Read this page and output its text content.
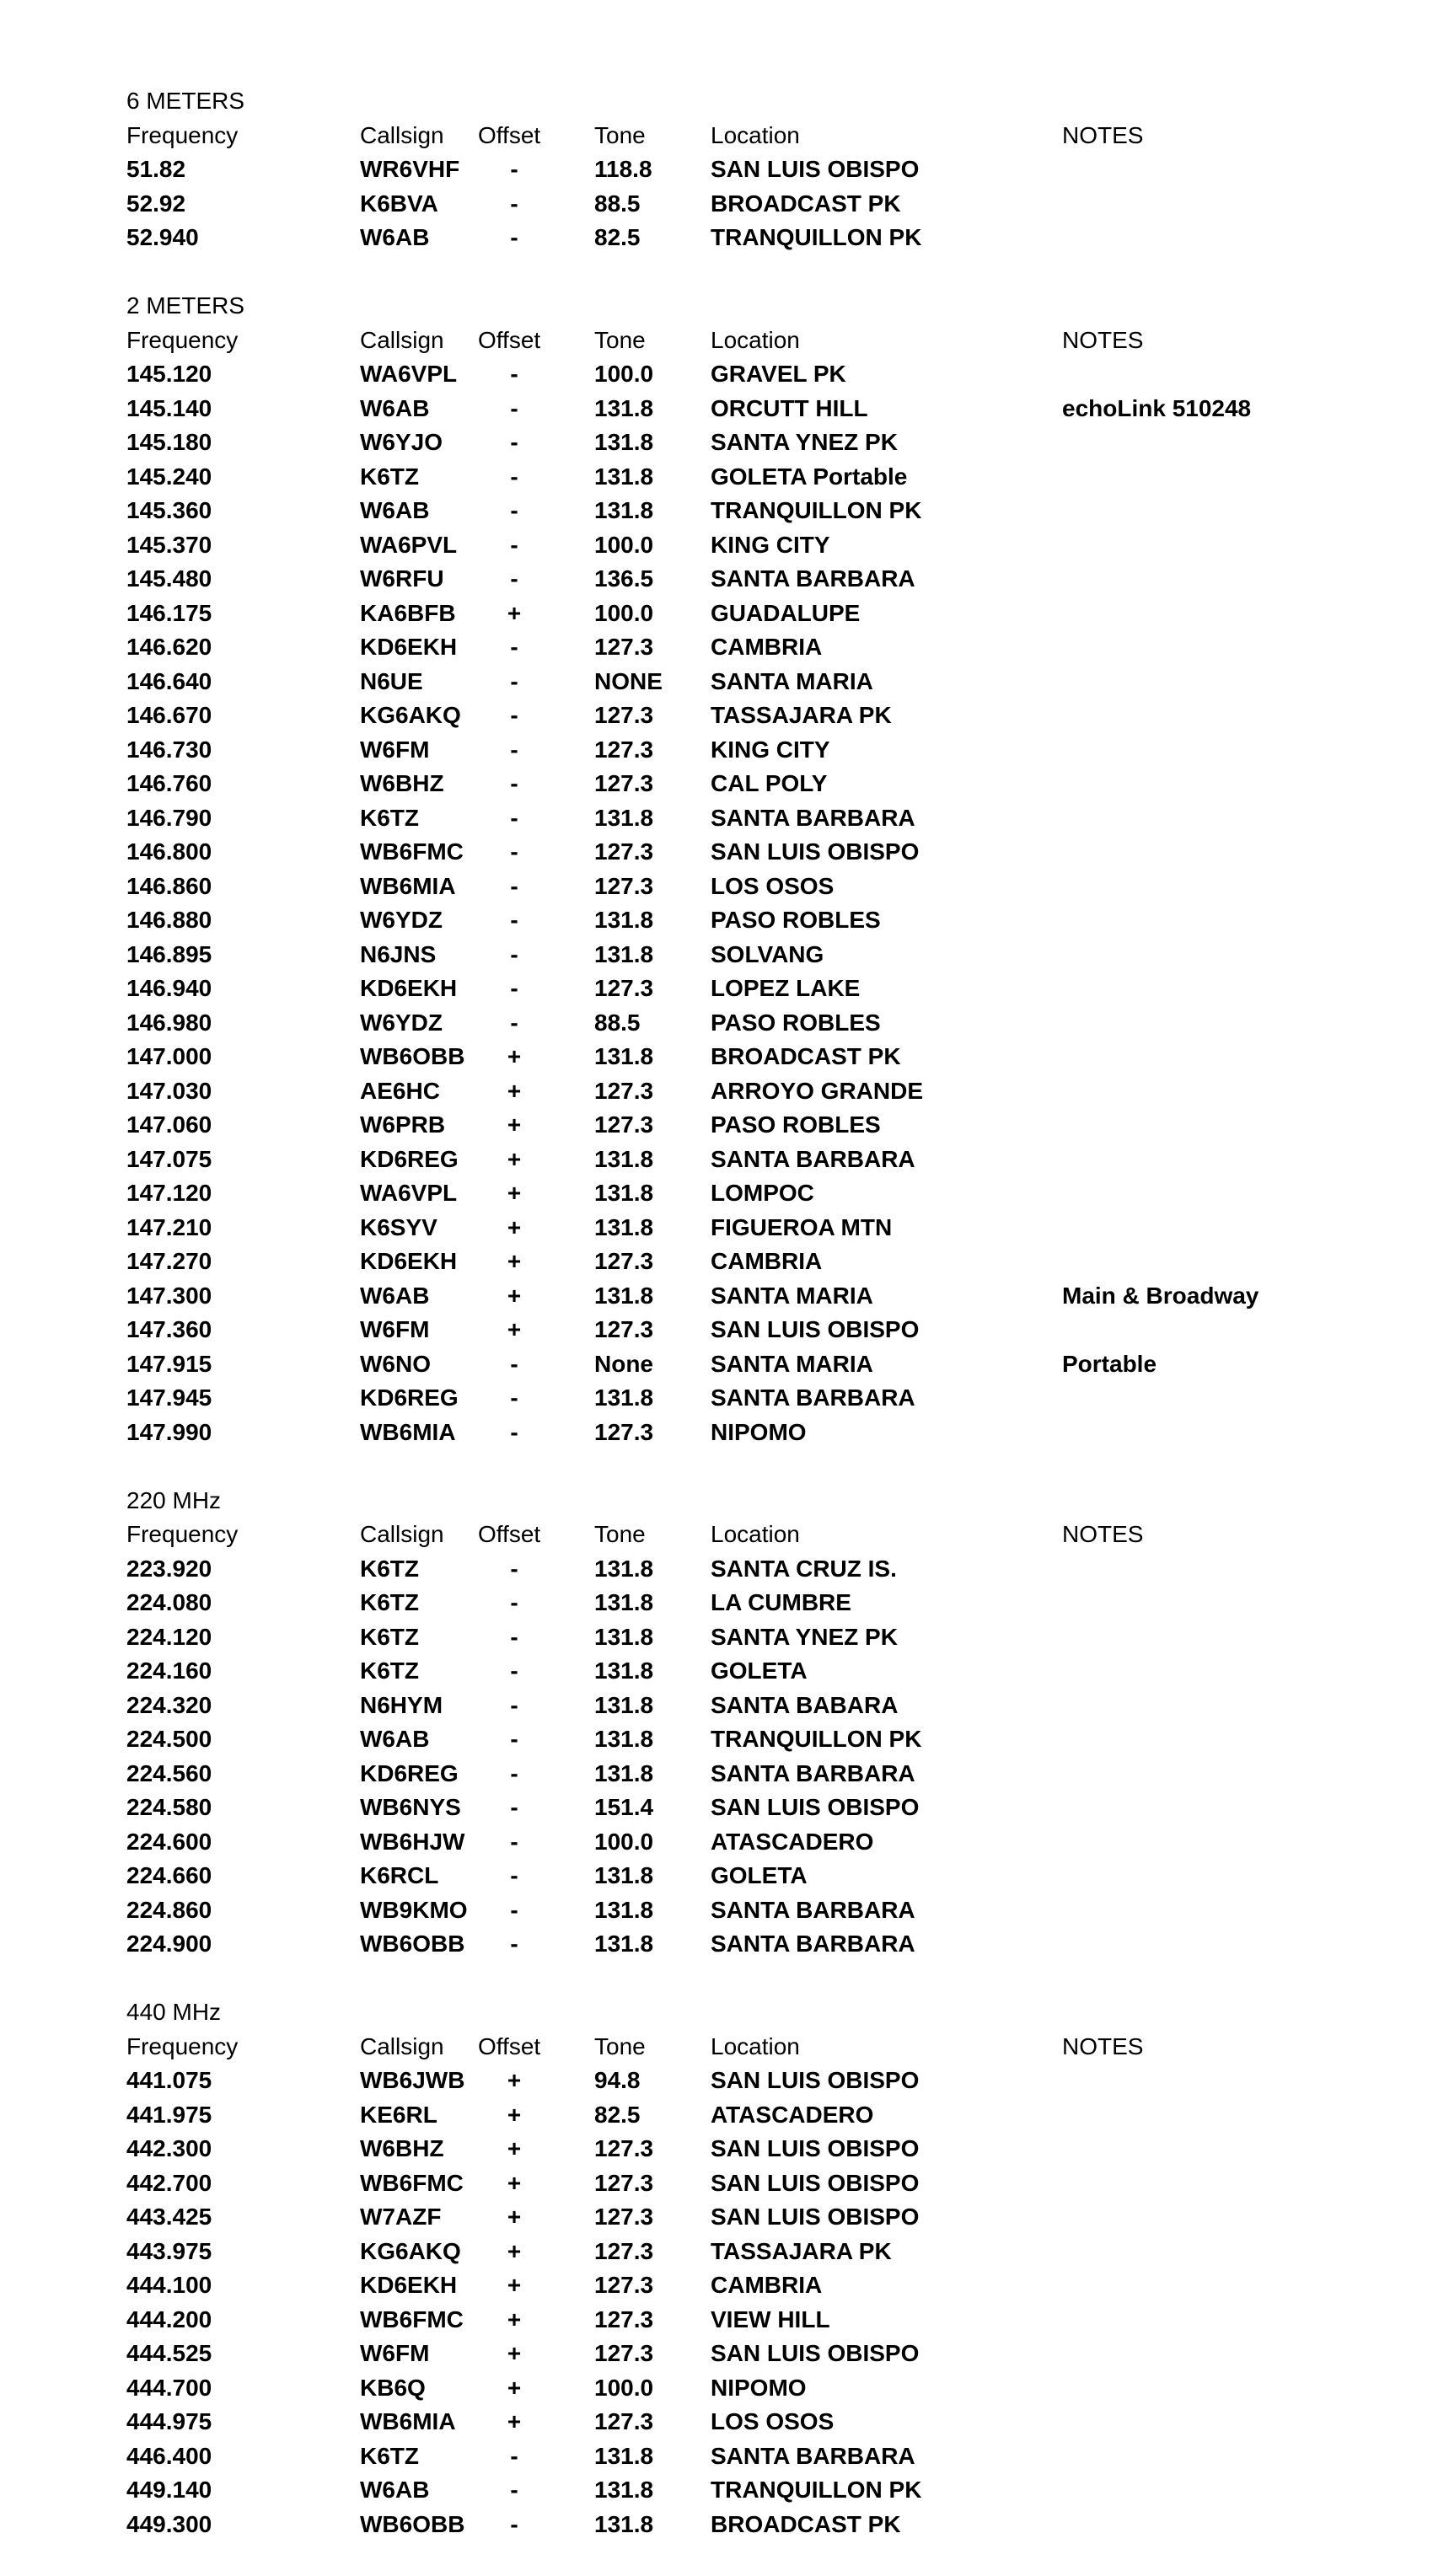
6 METERS
Frequency	Callsign Offset Tone	Location	NOTES
51.82	WR6VHF	-	118.8 SAN LUIS OBISPO
52.92	K6BVA	-	88.5	BROADCAST PK
52.940	W6AB	-	82.5	TRANQUILLON PK
2 METERS
Frequency	Callsign Offset Tone	Location	NOTES
145.120	WA6VPL	-	100.0 GRAVEL PK
145.140	W6AB	-	131.8 ORCUTT HILL	echoLink 510248
145.180	W6YJO	-	131.8 SANTA YNEZ PK
145.240	K6TZ	-	131.8 GOLETA Portable
145.360	W6AB	-	131.8 TRANQUILLON PK
145.370	WA6PVL	-	100.0 KING CITY
145.480	W6RFU	-	136.5 SANTA BARBARA
146.175	KA6BFB	+	100.0 GUADALUPE
146.620	KD6EKH	-	127.3 CAMBRIA
146.640	N6UE	-	NONE SANTA MARIA
146.670	KG6AKQ	-	127.3 TASSAJARA PK
146.730	W6FM	-	127.3 KING CITY
146.760	W6BHZ	-	127.3 CAL POLY
146.790	K6TZ	-	131.8 SANTA BARBARA
146.800	WB6FMC	-	127.3 SAN LUIS OBISPO
146.860	WB6MIA	-	127.3 LOS OSOS
146.880	W6YDZ	-	131.8 PASO ROBLES
146.895	N6JNS	-	131.8 SOLVANG
146.940	KD6EKH	-	127.3 LOPEZ LAKE
146.980	W6YDZ	-	88.5	PASO ROBLES
147.000	WB6OBB	+	131.8 BROADCAST PK
147.030	AE6HC	+	127.3 ARROYO GRANDE
147.060	W6PRB	+	127.3 PASO ROBLES
147.075	KD6REG	+	131.8 SANTA BARBARA
147.120	WA6VPL	+	131.8 LOMPOC
147.210	K6SYV	+	131.8 FIGUEROA MTN
147.270	KD6EKH	+	127.3 CAMBRIA
147.300	W6AB	+	131.8 SANTA MARIA	Main & Broadway
147.360	W6FM	+	127.3 SAN LUIS OBISPO
147.915	W6NO	-	None SANTA MARIA	Portable
147.945	KD6REG	-	131.8 SANTA BARBARA
147.990	WB6MIA	-	127.3 NIPOMO
220 MHz
Frequency	Callsign Offset Tone	Location	NOTES
223.920	K6TZ	-	131.8 SANTA CRUZ IS.
224.080	K6TZ	-	131.8 LA CUMBRE
224.120	K6TZ	-	131.8 SANTA YNEZ PK
224.160	K6TZ	-	131.8 GOLETA
224.320	N6HYM	-	131.8 SANTA BABARA
224.500	W6AB	-	131.8 TRANQUILLON PK
224.560	KD6REG	-	131.8 SANTA BARBARA
224.580	WB6NYS	-	151.4 SAN LUIS OBISPO
224.600	WB6HJW	-	100.0 ATASCADERO
224.660	K6RCL	-	131.8 GOLETA
224.860	WB9KMO	-	131.8 SANTA BARBARA
224.900	WB6OBB	-	131.8 SANTA BARBARA
440 MHz
Frequency	Callsign Offset Tone	Location	NOTES
441.075	WB6JWB	+	94.8	SAN LUIS OBISPO
441.975	KE6RL	+	82.5	ATASCADERO
442.300	W6BHZ	+	127.3 SAN LUIS OBISPO
442.700	WB6FMC	+	127.3 SAN LUIS OBISPO
443.425	W7AZF	+	127.3 SAN LUIS OBISPO
443.975	KG6AKQ	+	127.3 TASSAJARA PK
444.100	KD6EKH	+	127.3 CAMBRIA
444.200	WB6FMC	+	127.3 VIEW HILL
444.525	W6FM	+	127.3 SAN LUIS OBISPO
444.700	KB6Q	+	100.0 NIPOMO
444.975	WB6MIA	+	127.3 LOS OSOS
446.400	K6TZ	-	131.8 SANTA BARBARA
449.140	W6AB	-	131.8 TRANQUILLON PK
449.300	WB6OBB	-	131.8 BROADCAST PK
